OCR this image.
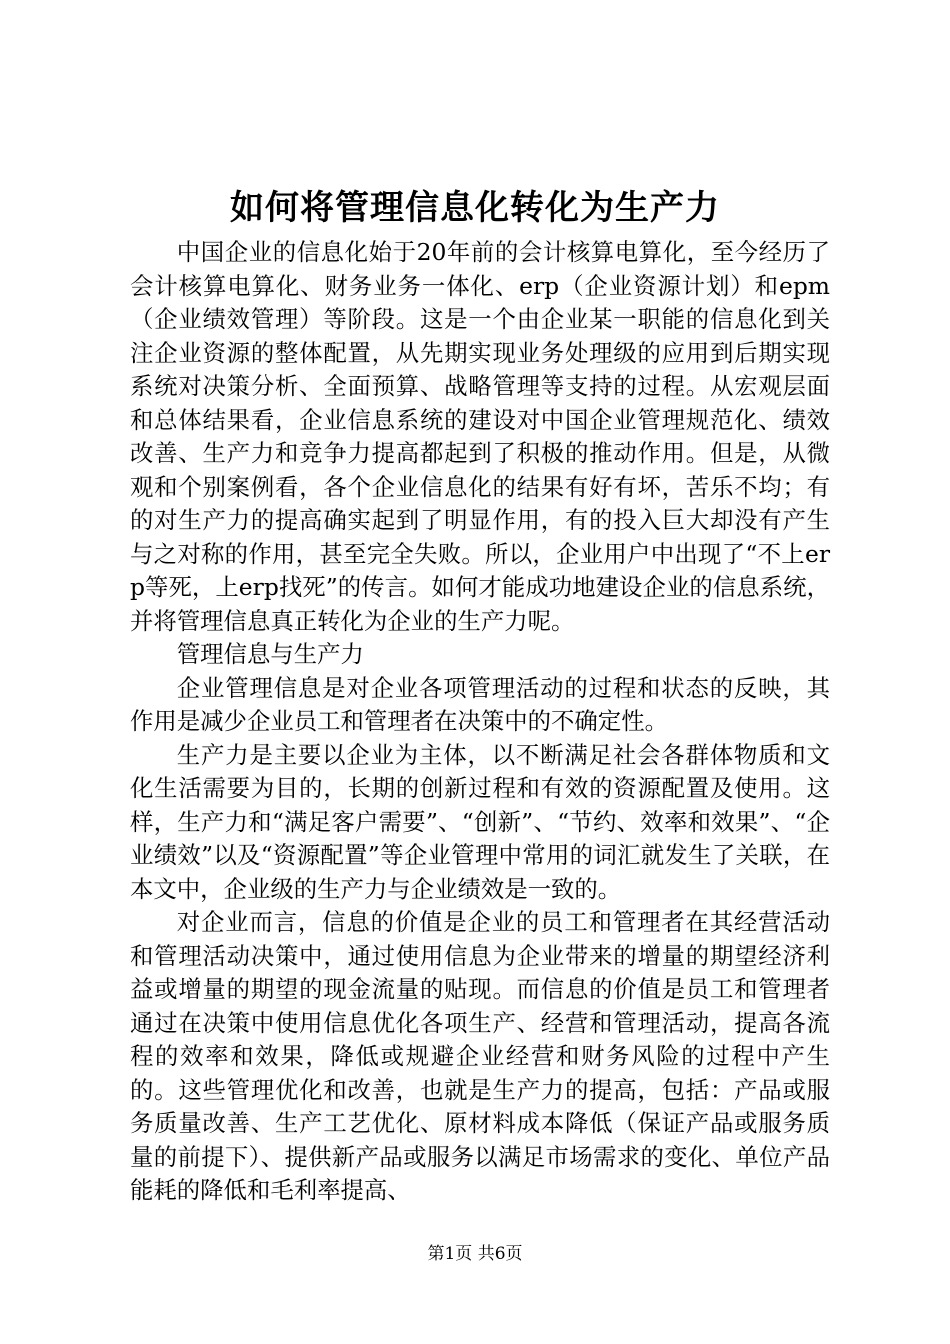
如何将管理信息化转化为生产力

中国企业的信息化始于20年前的会计核算电算化，至今经历了会计核算电算化、财务业务一体化、erp（企业资源计划）和epm（企业绩效管理）等阶段。这是一个由企业某一职能的信息化到关注企业资源的整体配置，从先期实现业务处理级的应用到后期实现系统对决策分析、全面预算、战略管理等支持的过程。从宏观层面和总体结果看，企业信息系统的建设对中国企业管理规范化、绩效改善、生产力和竞争力提高都起到了积极的推动作用。但是，从微观和个别案例看，各个企业信息化的结果有好有坏，苦乐不均；有的对生产力的提高确实起到了明显作用，有的投入巨大却没有产生与之对称的作用，甚至完全失败。所以，企业用户中出现了“不上erp等死，上erp找死”的传言。如何才能成功地建设企业的信息系统，并将管理信息真正转化为企业的生产力呢。

管理信息与生产力

企业管理信息是对企业各项管理活动的过程和状态的反映，其作用是减少企业员工和管理者在决策中的不确定性。

生产力是主要以企业为主体，以不断满足社会各群体物质和文化生活需要为目的，长期的创新过程和有效的资源配置及使用。这样，生产力和“满足客户需要”、“创新”、“节约、效率和效果”、“企业绩效”以及“资源配置”等企业管理中常用的词汇就发生了关联，在本文中，企业级的生产力与企业绩效是一致的。

对企业而言，信息的价值是企业的员工和管理者在其经营活动和管理活动决策中，通过使用信息为企业带来的增量的期望经济利益或增量的期望的现金流量的贴现。而信息的价值是员工和管理者通过在决策中使用信息优化各项生产、经营和管理活动，提高各流程的效率和效果，降低或规避企业经营和财务风险的过程中产生的。这些管理优化和改善，也就是生产力的提高，包括：产品或服务质量改善、生产工艺优化、原材料成本降低（保证产品或服务质量的前提下）、提供新产品或服务以满足市场需求的变化、单位产品能耗的降低和毛利率提高、

第1页 共6页
